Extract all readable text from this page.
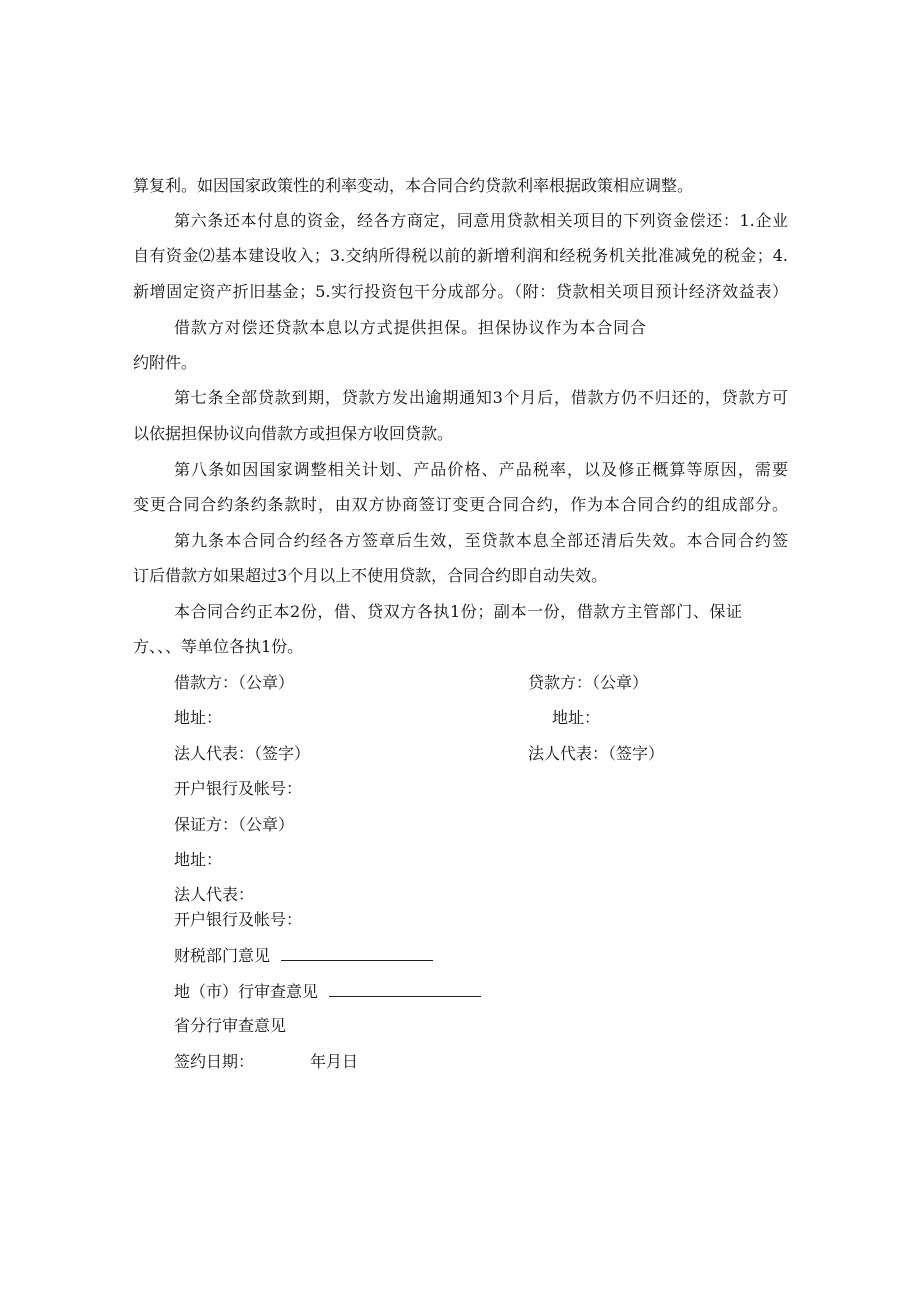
算复利。如因国家政策性的利率变动，本合同合约贷款利率根据政策相应调整。
第六条还本付息的资金，经各方商定，同意用贷款相关项目的下列资金偿还：1.企业
自有资金⑵基本建设收入；3.交纳所得税以前的新增利润和经税务机关批准减免的税金；4.
新增固定资产折旧基金；5.实行投资包干分成部分。（附：贷款相关项目预计经济效益表）
借款方对偿还贷款本息以方式提供担保。担保协议作为本合同合
约附件。
第七条全部贷款到期，贷款方发出逾期通知3个月后，借款方仍不归还的，贷款方可
以依据担保协议向借款方或担保方收回贷款。
第八条如因国家调整相关计划、产品价格、产品税率，以及修正概算等原因，需要
变更合同合约条约条款时，由双方协商签订变更合同合约，作为本合同合约的组成部分。
第九条本合同合约经各方签章后生效，至贷款本息全部还清后失效。本合同合约签
订后借款方如果超过3个月以上不使用贷款，合同合约即自动失效。
本合同合约正本2份，借、贷双方各执1份；副本一份，借款方主管部门、保证
方、、、等单位各执1份。
借款方：（公章）	贷款方：（公章）
地址：	地址：
法人代表：（签字）	法人代表：（签字）
开户银行及帐号：
保证方：（公章）
地址：
法人代表：
开户银行及帐号：
财税部门意见
地（市）行审查意见
省分行审查意见
签约日期：	年月日
